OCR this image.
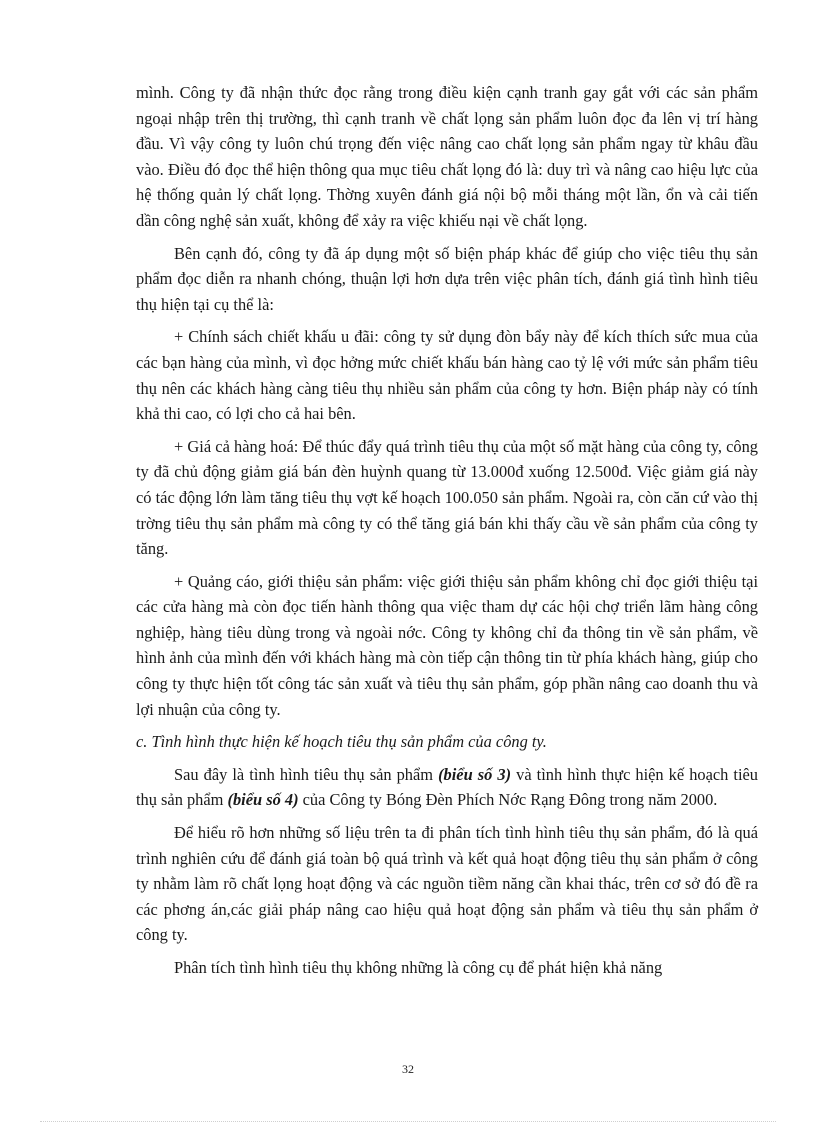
mình. Công ty đã nhận thức đọc rằng trong điều kiện cạnh tranh gay gắt với các sản phẩm ngoại nhập trên thị trường, thì cạnh tranh về chất lọng sản phẩm luôn đọc đa lên vị trí hàng đầu. Vì vậy công ty luôn chú trọng đến việc nâng cao chất lọng sản phẩm ngay từ khâu đầu vào. Điều đó đọc thể hiện thông qua mục tiêu chất lọng đó là: duy trì và nâng cao hiệu lực của hệ thống quản lý chất lọng. Thờng xuyên đánh giá nội bộ mỗi tháng một lần, ổn và cải tiến dần công nghệ sản xuất, không để xảy ra việc khiếu nại về chất lọng.

Bên cạnh đó, công ty đã áp dụng một số biện pháp khác để giúp cho việc tiêu thụ sản phẩm đọc diễn ra nhanh chóng, thuận lợi hơn dựa trên việc phân tích, đánh giá tình hình tiêu thụ hiện tại cụ thể là:

+ Chính sách chiết khấu u đãi: công ty sử dụng đòn bẩy này để kích thích sức mua của các bạn hàng của mình, vì đọc hởng mức chiết khấu bán hàng cao tỷ lệ với mức sản phẩm tiêu thụ nên các khách hàng càng tiêu thụ nhiều sản phẩm của công ty hơn. Biện pháp này có tính khả thi cao, có lợi cho cả hai bên.

+ Giá cả hàng hoá: Để thúc đẩy quá trình tiêu thụ của một số mặt hàng của công ty, công ty đã chủ động giảm giá bán đèn huỳnh quang từ 13.000đ xuống 12.500đ. Việc giảm giá này có tác động lớn làm tăng tiêu thụ vợt kế hoạch 100.050 sản phẩm. Ngoài ra, còn căn cứ vào thị trờng tiêu thụ sản phẩm mà công ty có thể tăng giá bán khi thấy cầu về sản phẩm của công ty tăng.

+ Quảng cáo, giới thiệu sản phẩm: việc giới thiệu sản phẩm không chỉ đọc giới thiệu tại các cửa hàng mà còn đọc tiến hành thông qua việc tham dự các hội chợ triển lãm hàng công nghiệp, hàng tiêu dùng trong và ngoài nớc. Công ty không chỉ đa thông tin về sản phẩm, về hình ảnh của mình đến với khách hàng mà còn tiếp cận thông tin từ phía khách hàng, giúp cho công ty thực hiện tốt công tác sản xuất và tiêu thụ sản phẩm, góp phần nâng cao doanh thu và lợi nhuận của công ty.

c. Tình hình thực hiện kế hoạch tiêu thụ sản phẩm của công ty.

Sau đây là tình hình tiêu thụ sản phẩm (biểu số 3) và tình hình thực hiện kế hoạch tiêu thụ sản phẩm (biểu số 4) của Công ty Bóng Đèn Phích Nớc Rạng Đông trong năm 2000.

Để hiểu rõ hơn những số liệu trên ta đi phân tích tình hình tiêu thụ sản phẩm, đó là quá trình nghiên cứu để đánh giá toàn bộ quá trình và kết quả hoạt động tiêu thụ sản phẩm ở công ty nhằm làm rõ chất lọng hoạt động và các nguồn tiềm năng cần khai thác, trên cơ sở đó đề ra các phơng án,các giải pháp nâng cao hiệu quả hoạt động sản phẩm và tiêu thụ sản phẩm ở công ty.

Phân tích tình hình tiêu thụ không những là công cụ để phát hiện khả năng

32
